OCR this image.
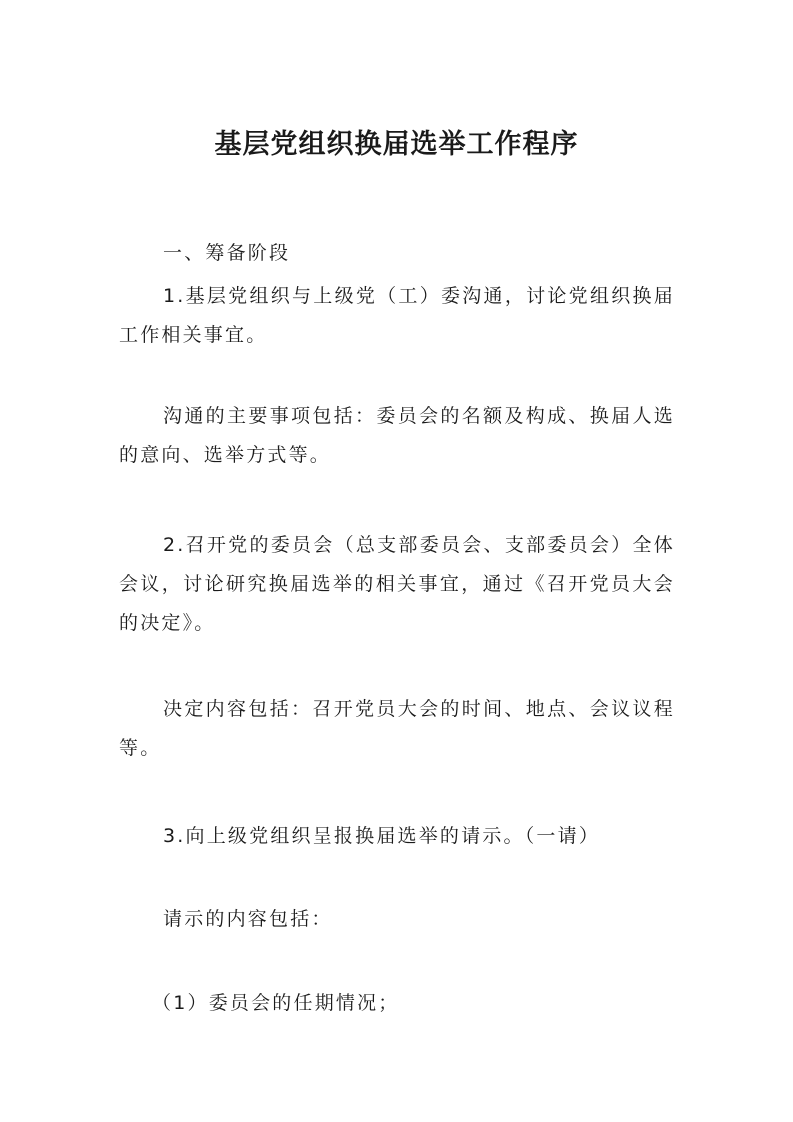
基层党组织换届选举工作程序

一、筹备阶段

1.基层党组织与上级党（工）委沟通，讨论党组织换届工作相关事宜。

沟通的主要事项包括：委员会的名额及构成、换届人选的意向、选举方式等。

2.召开党的委员会（总支部委员会、支部委员会）全体会议，讨论研究换届选举的相关事宜，通过《召开党员大会的决定》。

决定内容包括：召开党员大会的时间、地点、会议议程等。

3.向上级党组织呈报换届选举的请示。（一请）

请示的内容包括：

（1）委员会的任期情况；
